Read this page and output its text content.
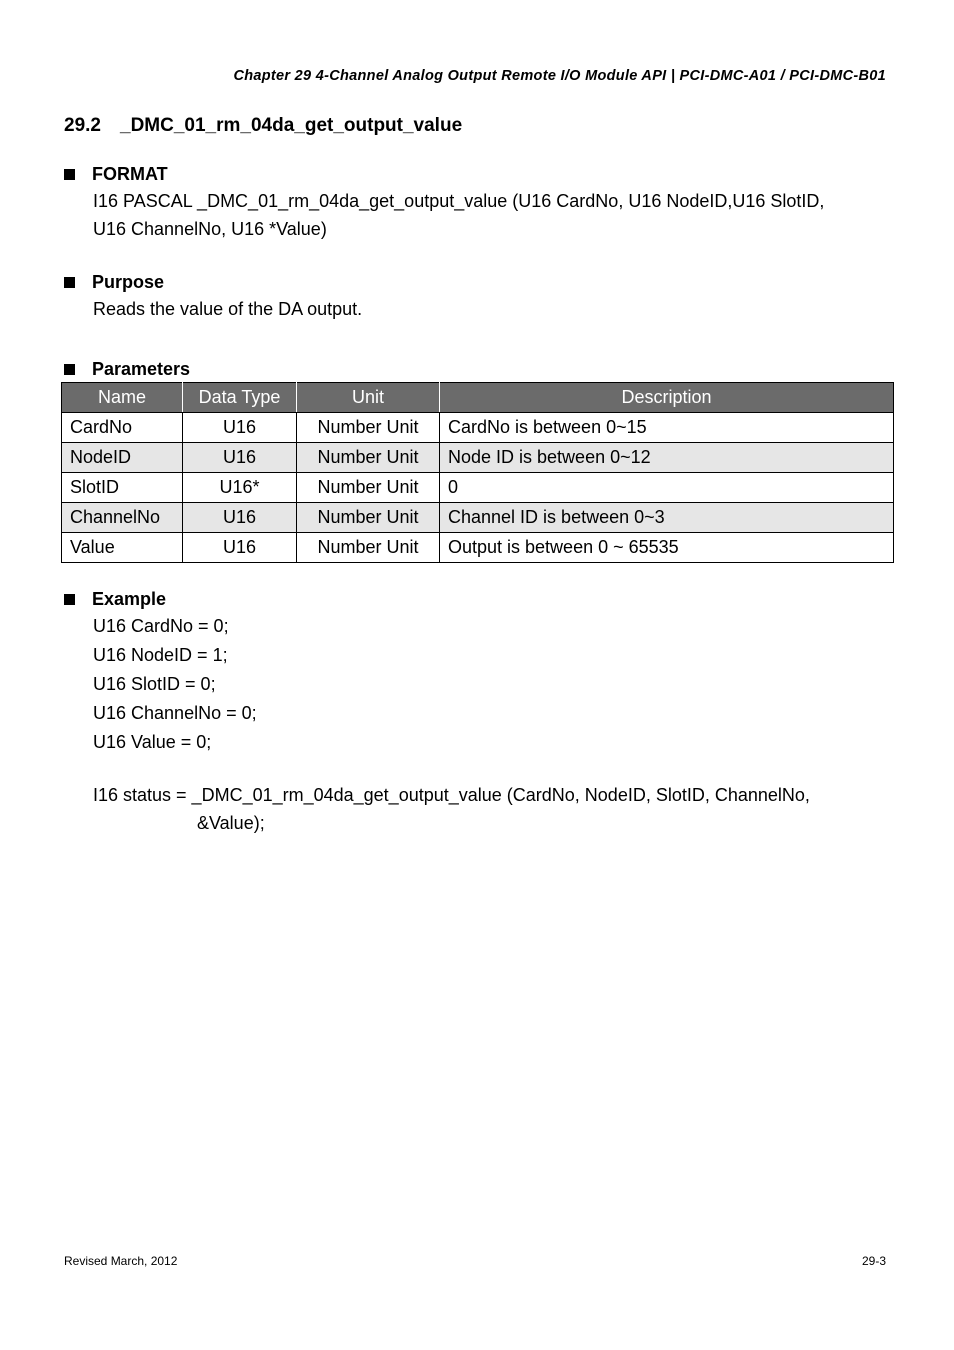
Chapter 29 4-Channel Analog Output Remote I/O Module API | PCI-DMC-A01 / PCI-DMC-B01
29.2 _DMC_01_rm_04da_get_output_value
FORMAT
I16 PASCAL _DMC_01_rm_04da_get_output_value (U16 CardNo, U16 NodeID,U16 SlotID,
U16 ChannelNo, U16 *Value)
Purpose
Reads the value of the DA output.
Parameters
Name	Data Type	Unit	Description
CardNo	U16	Number Unit	CardNo is between 0~15
NodeID	U16	Number Unit	Node ID is between 0~12
SlotID	U16*	Number Unit	0
ChannelNo	U16	Number Unit	Channel ID is between 0~3
Value	U16	Number Unit	Output is between 0 ~ 65535
Example
U16 CardNo = 0;
U16 NodeID = 1;
U16 SlotID = 0;
U16 ChannelNo = 0;
U16 Value = 0;
I16 status = _DMC_01_rm_04da_get_output_value (CardNo, NodeID, SlotID, ChannelNo,
&Value);
Revised March, 2012	29-3
